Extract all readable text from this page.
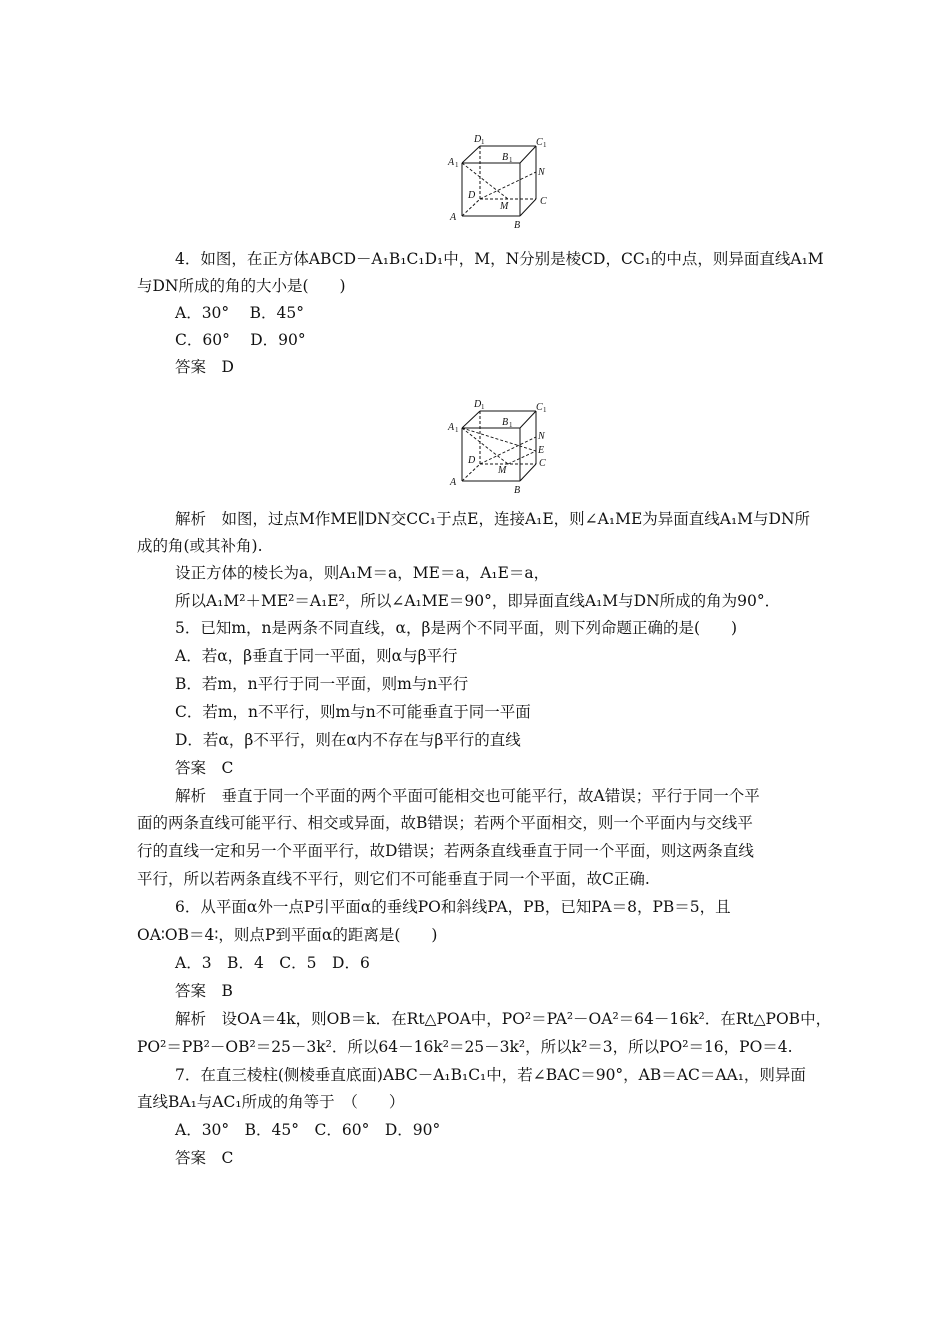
D 1	C 1
A 1
B 1
N
D
C
M
A
B
D 1	C 1
A 1
B 1
N
E
D	C
M
A
B
4．如图，在正方体ABCD－A₁B₁C₁D₁中，M，N分别是棱CD，CC₁的中点，则异面直线A₁M
与DN所成的角的大小是(　　)
A．30°　 B．45°
C．60°　 D．90°
答案　D
解析　如图，过点M作ME∥DN交CC₁于点E，连接A₁E，则∠A₁ME为异面直线A₁M与DN所
成的角(或其补角).
设正方体的棱长为a，则A₁M＝a，ME＝a，A₁E＝a，
所以A₁M²＋ME²＝A₁E²，所以∠A₁ME＝90°，即异面直线A₁M与DN所成的角为90°．
5．已知m，n是两条不同直线，α，β是两个不同平面，则下列命题正确的是(　　)
A．若α，β垂直于同一平面，则α与β平行
B．若m，n平行于同一平面，则m与n平行
C．若m，n不平行，则m与n不可能垂直于同一平面
D．若α，β不平行，则在α内不存在与β平行的直线
答案　C
解析　垂直于同一个平面的两个平面可能相交也可能平行，故A错误；平行于同一个平
面的两条直线可能平行、相交或异面，故B错误；若两个平面相交，则一个平面内与交线平
行的直线一定和另一个平面平行，故D错误；若两条直线垂直于同一个平面，则这两条直线
平行，所以若两条直线不平行，则它们不可能垂直于同一个平面，故C正确.
6．从平面α外一点P引平面α的垂线PO和斜线PA，PB，已知PA＝8，PB＝5，且
OA∶OB＝4∶，则点P到平面α的距离是(　　)
A．3　B．4　C．5　D．6
答案　B
解析　设OA＝4k，则OB＝k．在Rt△POA中，PO²＝PA²－OA²＝64－16k²．在Rt△POB中，
PO²＝PB²－OB²＝25－3k²．所以64－16k²＝25－3k²，所以k²＝3，所以PO²＝16，PO＝4.
7．在直三棱柱(侧棱垂直底面)ABC－A₁B₁C₁中，若∠BAC＝90°，AB＝AC＝AA₁，则异面
直线BA₁与AC₁所成的角等于　（　　）
A．30°　B．45°　C．60°　D．90°
答案　C
